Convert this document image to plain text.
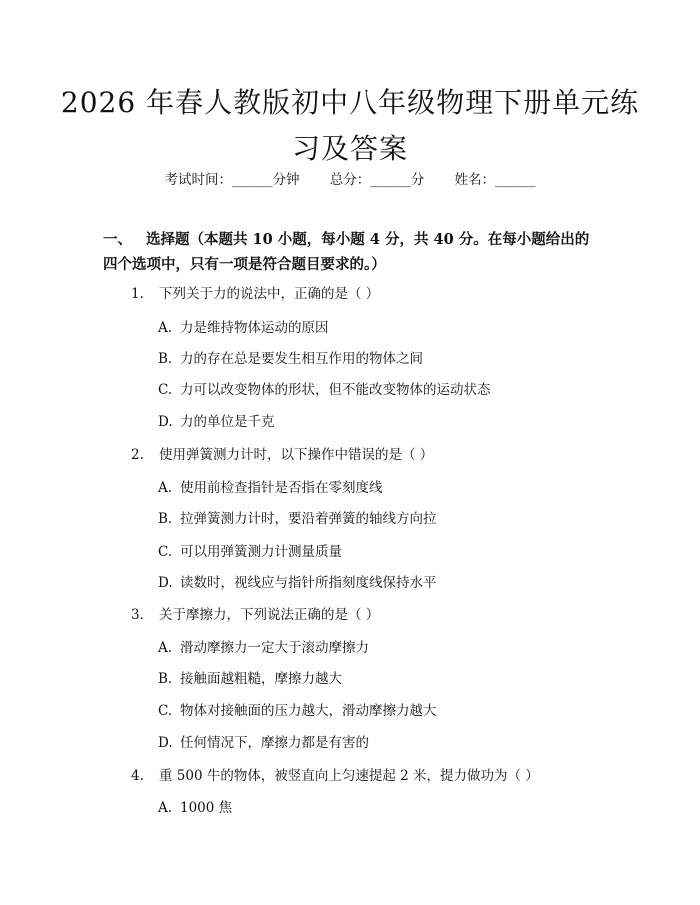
2026 年春人教版初中八年级物理下册单元练习及答案
考试时间：______分钟 总分：______分 姓名：______
一、 选择题（本题共 10 小题，每小题 4 分，共 40 分。在每小题给出的四个选项中，只有一项是符合题目要求的。）
1. 下列关于力的说法中，正确的是（ ）
A. 力是维持物体运动的原因
B. 力的存在总是要发生相互作用的物体之间
C. 力可以改变物体的形状，但不能改变物体的运动状态
D. 力的单位是千克
2. 使用弹簧测力计时，以下操作中错误的是（ ）
A. 使用前检查指针是否指在零刻度线
B. 拉弹簧测力计时，要沿着弹簧的轴线方向拉
C. 可以用弹簧测力计测量质量
D. 读数时，视线应与指针所指刻度线保持水平
3. 关于摩擦力，下列说法正确的是（ ）
A. 滑动摩擦力一定大于滚动摩擦力
B. 接触面越粗糙，摩擦力越大
C. 物体对接触面的压力越大，滑动摩擦力越大
D. 任何情况下，摩擦力都是有害的
4. 重 500 牛的物体，被竖直向上匀速提起 2 米，提力做功为（ ）
A. 1000 焦
